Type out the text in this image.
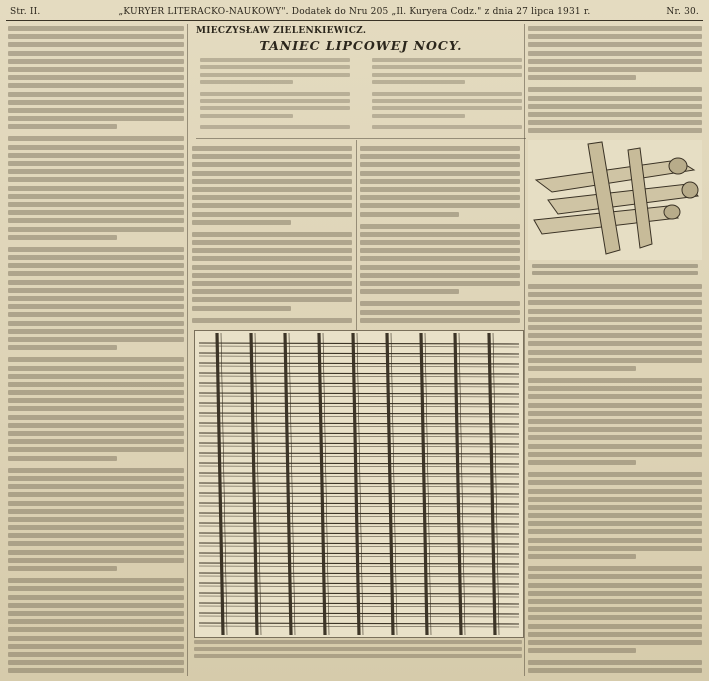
Str. II.	„KURYER LITERACKO-NAUKOWY". Dodatek do Nru 205 „Il. Kuryera Codz." z dnia 27 lipca 1931 r.	Nr. 30.
MIECZYSŁAW ZIELENKIEWICZ.
TANIEC LIPCOWEJ NOCY.
